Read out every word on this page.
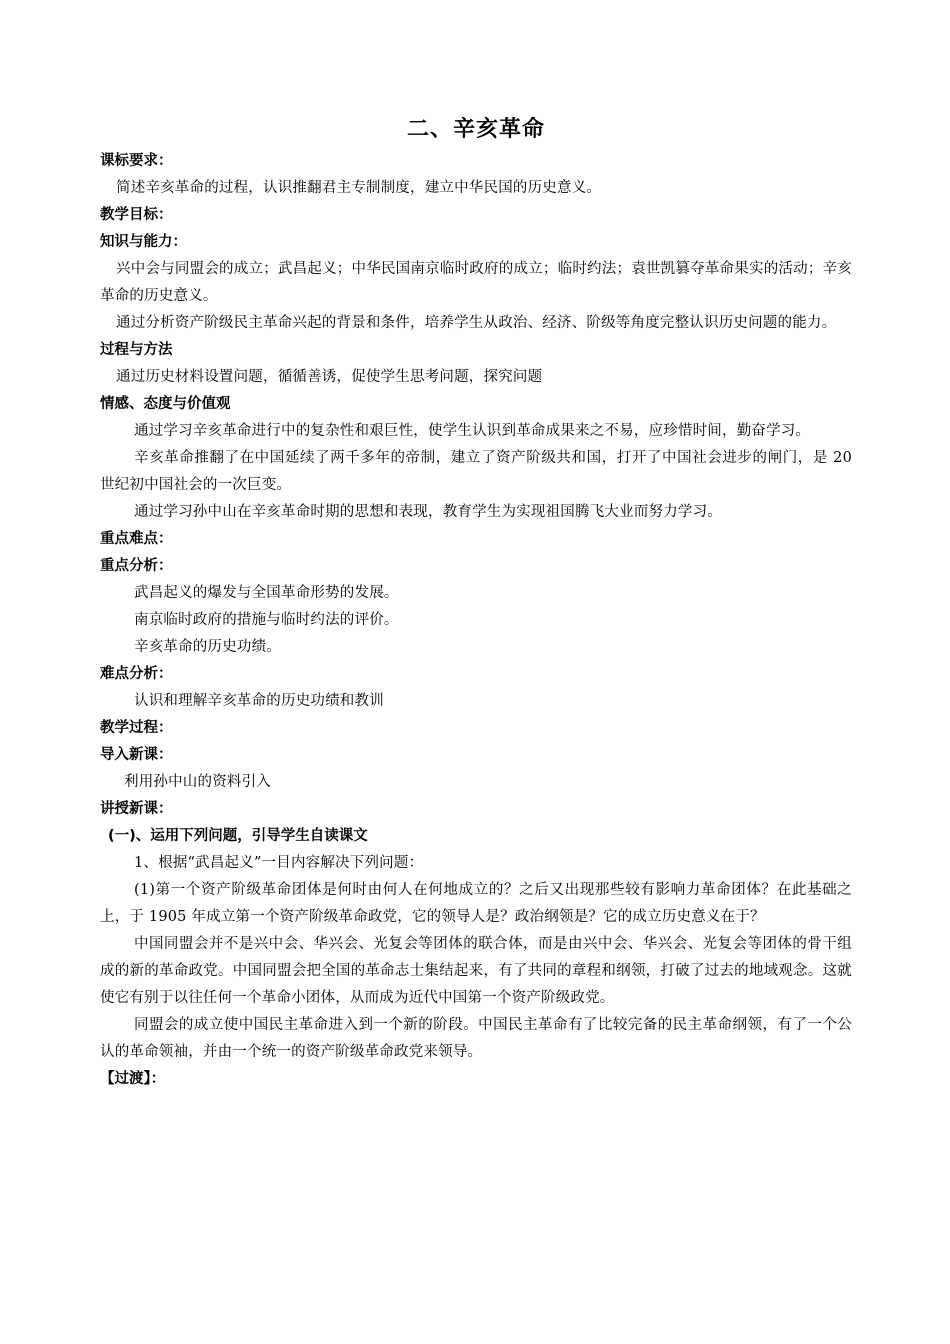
二、辛亥革命
课标要求：
简述辛亥革命的过程，认识推翻君主专制制度，建立中华民国的历史意义。
教学目标：
知识与能力：
兴中会与同盟会的成立；武昌起义；中华民国南京临时政府的成立；临时约法；袁世凯篡夺革命果实的活动；辛亥革命的历史意义。
通过分析资产阶级民主革命兴起的背景和条件，培养学生从政治、经济、阶级等角度完整认识历史问题的能力。
过程与方法
通过历史材料设置问题，循循善诱，促使学生思考问题，探究问题
情感、态度与价值观
通过学习辛亥革命进行中的复杂性和艰巨性，使学生认识到革命成果来之不易，应珍惜时间，勤奋学习。
辛亥革命推翻了在中国延续了两千多年的帝制，建立了资产阶级共和国，打开了中国社会进步的闸门，是 20 世纪初中国社会的一次巨变。
通过学习孙中山在辛亥革命时期的思想和表现，教育学生为实现祖国腾飞大业而努力学习。
重点难点：
重点分析：
武昌起义的爆发与全国革命形势的发展。
南京临时政府的措施与临时约法的评价。
辛亥革命的历史功绩。
难点分析：
认识和理解辛亥革命的历史功绩和教训
教学过程：
导入新课：
利用孙中山的资料引入
讲授新课：
(一)、运用下列问题，引导学生自读课文
1、根据“武昌起义”一目内容解决下列问题：
(1)第一个资产阶级革命团体是何时由何人在何地成立的？之后又出现那些较有影响力革命团体？在此基础之上，于 1905 年成立第一个资产阶级革命政党，它的领导人是？政治纲领是？它的成立历史意义在于？
中国同盟会并不是兴中会、华兴会、光复会等团体的联合体，而是由兴中会、华兴会、光复会等团体的骨干组成的新的革命政党。中国同盟会把全国的革命志士集结起来，有了共同的章程和纲领，打破了过去的地域观念。这就使它有别于以往任何一个革命小团体，从而成为近代中国第一个资产阶级政党。
同盟会的成立使中国民主革命进入到一个新的阶段。中国民主革命有了比较完备的民主革命纲领，有了一个公认的革命领袖，并由一个统一的资产阶级革命政党来领导。
【过渡】：
